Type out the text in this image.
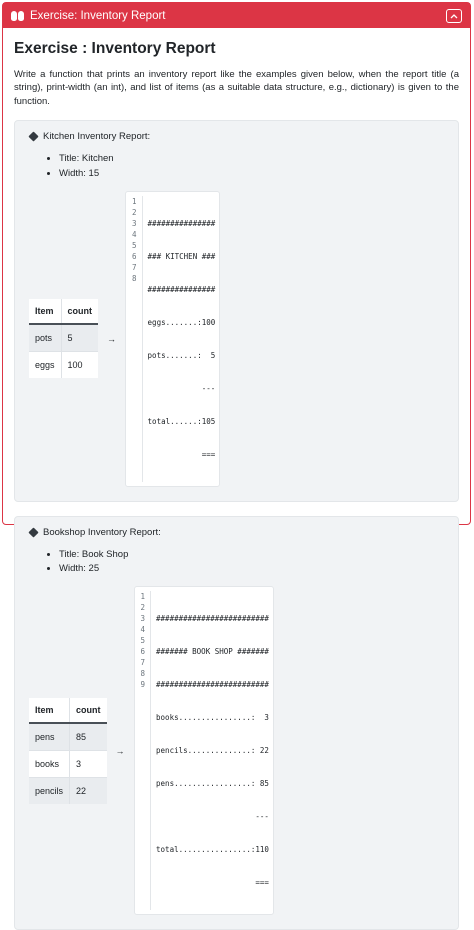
Exercise: Inventory Report
Exercise : Inventory Report

Write a function that prints an inventory report like the examples given below, when the report title (a string), print-width (an int), and list of items (as a suitable data structure, e.g., dictionary) is given to the function.

Kitchen Inventory Report:
• Title: Kitchen
• Width: 15
Item	count
pots	5
eggs	100
→
1
2
3
4
5
6
7
8

###############

### KITCHEN ###

###############

eggs.......:100

pots.......:  5

---

total......:105

===

Bookshop Inventory Report:
• Title: Book Shop
• Width: 25
Item	count
pens	85
books	3
pencils	22
→
1
2
3
4
5
6
7
8
9

#########################

####### BOOK SHOP #######

#########################

books................:  3

pencils..............: 22

pens.................: 85

---

total................:110

===
